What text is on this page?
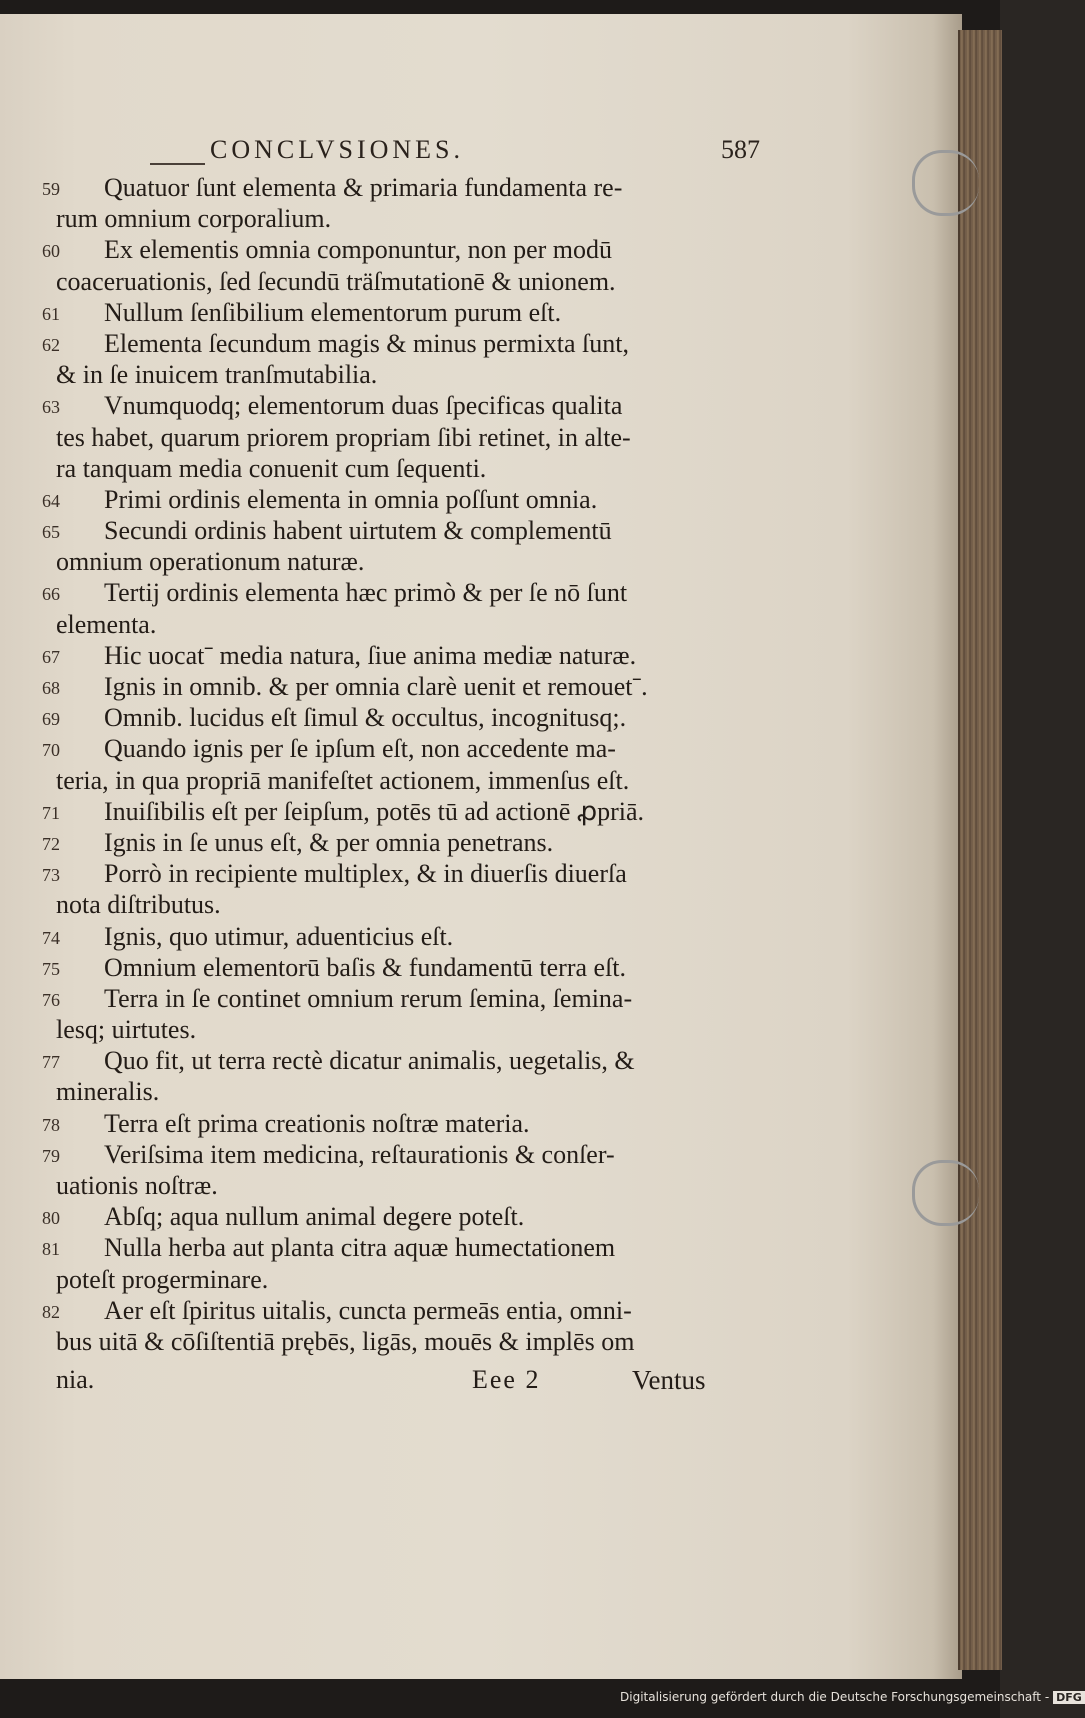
CONCLVSIONES.	587
59 Quatuor ſunt elementa & primaria fundamenta re-
rum omnium corporalium.
60 Ex elementis omnia componuntur, non per modū
coaceruationis, ſed ſecundū träſmutationē & unionem.
61 Nullum ſenſibilium elementorum purum eſt.
62 Elementa ſecundum magis & minus permixta ſunt,
& in ſe inuicem tranſmutabilia.
63 Vnumquodq; elementorum duas ſpecificas qualita
tes habet, quarum priorem propriam ſibi retinet, in alte-
ra tanquam media conuenit cum ſequenti.
64 Primi ordinis elementa in omnia poſſunt omnia.
65 Secundi ordinis habent uirtutem & complementū
omnium operationum naturæ.
66 Tertij ordinis elementa hæc primò & per ſe nō ſunt
elementa.
67 Hic uocatˉ media natura, ſiue anima mediæ naturæ.
68 Ignis in omnib. & per omnia clarè uenit et remouetˉ.
69 Omnib. lucidus eſt ſimul & occultus, incognitusq;.
70 Quando ignis per ſe ipſum eſt, non accedente ma-
teria, in qua propriā manifeſtet actionem, immenſus eſt.
71 Inuiſibilis eſt per ſeipſum, potēs tū ad actionē ꝓpriā.
72 Ignis in ſe unus eſt, & per omnia penetrans.
73 Porrò in recipiente multiplex, & in diuerſis diuerſa
nota diſtributus.
74 Ignis, quo utimur, aduenticius eſt.
75 Omnium elementorū baſis & fundamentū terra eſt.
76 Terra in ſe continet omnium rerum ſemina, ſemina-
lesq; uirtutes.
77 Quo fit, ut terra rectè dicatur animalis, uegetalis, &
mineralis.
78 Terra eſt prima creationis noſtræ materia.
79 Veriſsima item medicina, reſtaurationis & conſer-
uationis noſtræ.
80 Abſq; aqua nullum animal degere poteſt.
81 Nulla herba aut planta citra aquæ humectationem
poteſt progerminare.
82 Aer eſt ſpiritus uitalis, cuncta permeās entia, omni-
bus uitā & cōſiſtentiā prębēs, ligās, mouēs & implēs om
nia.	Eee 2	Ventus
Digitalisierung gefördert durch die Deutsche Forschungsgemeinschaft - DFG
